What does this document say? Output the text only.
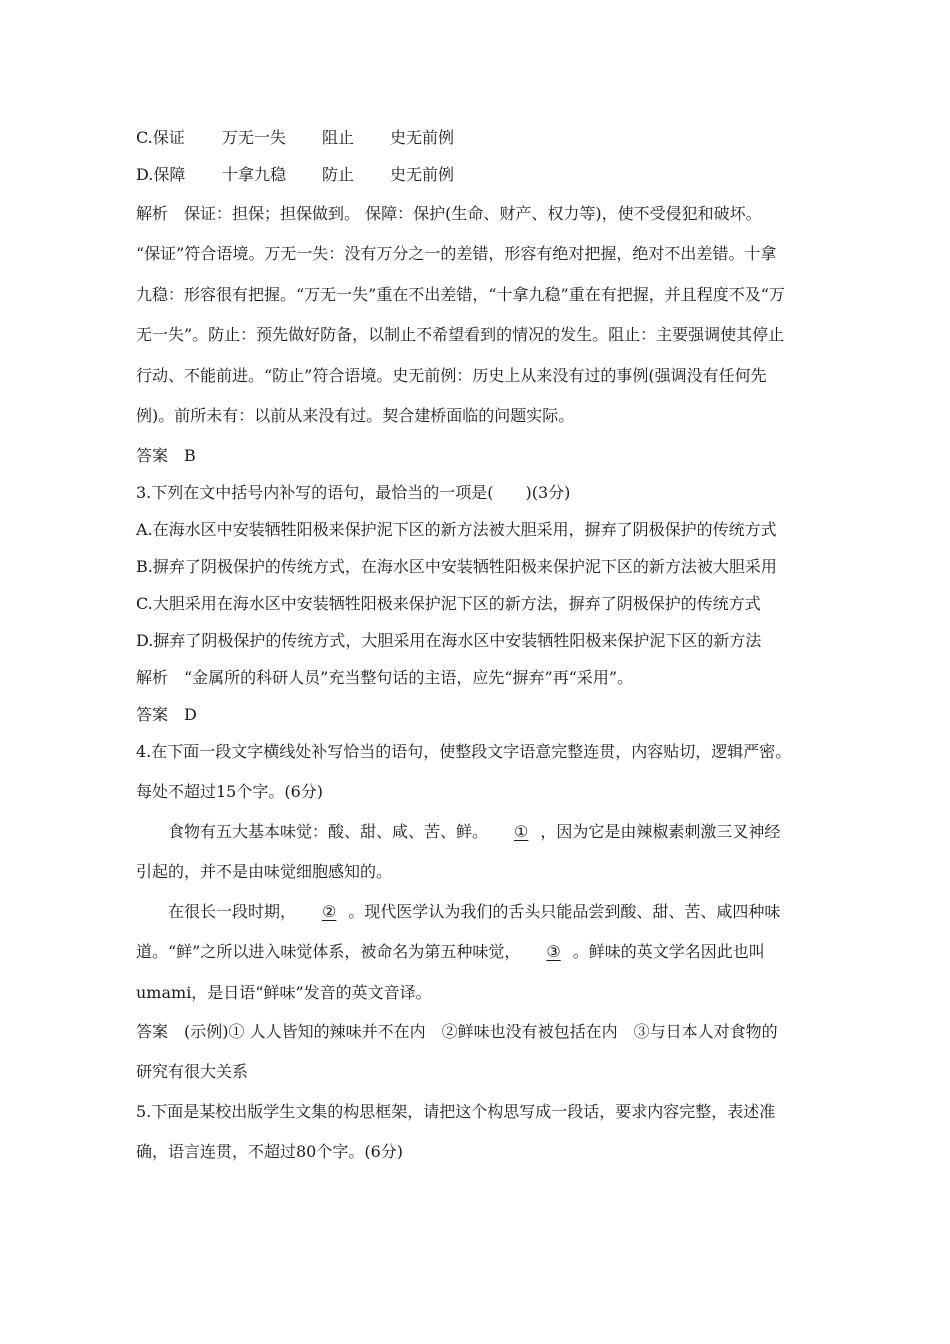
C.保证 万无一失 阻止 史无前例
D.保障 十拿九稳 防止 史无前例
解析　保证：担保；担保做到。 保障：保护(生命、财产、权力等)，使不受侵犯和破坏。
“保证”符合语境。万无一失：没有万分之一的差错，形容有绝对把握，绝对不出差错。十拿
九稳：形容很有把握。“万无一失”重在不出差错，“十拿九稳”重在有把握，并且程度不及“万
无一失”。防止：预先做好防备，以制止不希望看到的情况的发生。阻止：主要强调使其停止
行动、不能前进。“防止”符合语境。史无前例：历史上从来没有过的事例(强调没有任何先
例)。前所未有：以前从来没有过。契合建桥面临的问题实际。
答案　B
3.下列在文中括号内补写的语句，最恰当的一项是(　　)(3分)
A.在海水区中安装牺牲阳极来保护泥下区的新方法被大胆采用，摒弃了阴极保护的传统方式
B.摒弃了阴极保护的传统方式，在海水区中安装牺牲阳极来保护泥下区的新方法被大胆采用
C.大胆采用在海水区中安装牺牲阳极来保护泥下区的新方法，摒弃了阴极保护的传统方式
D.摒弃了阴极保护的传统方式，大胆采用在海水区中安装牺牲阳极来保护泥下区的新方法
解析　“金属所的科研人员”充当整句话的主语，应先“摒弃”再“采用”。
答案　D
4.在下面一段文字横线处补写恰当的语句，使整段文字语意完整连贯，内容贴切，逻辑严密。
每处不超过15个字。(6分)
食物有五大基本味觉：酸、甜、咸、苦、鲜。 ① ，因为它是由辣椒素刺激三叉神经
引起的，并不是由味觉细胞感知的。
在很长一段时期， ② 。现代医学认为我们的舌头只能品尝到酸、甜、苦、咸四种味
道。“鲜”之所以进入味觉体系，被命名为第五种味觉， ③ 。鲜味的英文学名因此也叫
umami，是日语“鲜味”发音的英文音译。
答案　(示例)① 人人皆知的辣味并不在内　②鲜味也没有被包括在内　③与日本人对食物的
研究有很大关系
5.下面是某校出版学生文集的构思框架，请把这个构思写成一段话，要求内容完整，表述准
确，语言连贯，不超过80个字。(6分)
